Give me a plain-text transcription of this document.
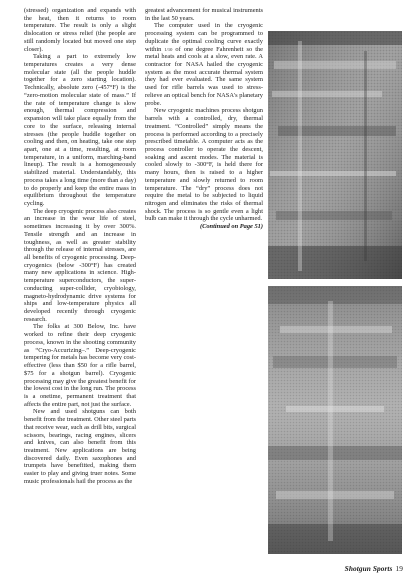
(stressed) organization and expands with the heat, then it returns to room temperature. The result is only a slight dislocation or stress relief (the people are still randomly located but moved one step closer).

Taking a part to extremely low temperatures creates a very dense molecular state (all the people huddle together for a zero starting location). Technically, absolute zero (-457°F) is the “zero-motion molecular state of mass.” If the rate of temperature change is slow enough, thermal compression and expansion will take place equally from the core to the surface, releasing internal stresses (the people huddle together on cooling and then, on heating, take one step apart, one at a time, resulting, at room temperature, in a uniform, marching-band lineup). The result is a homogeneously stabilized material. Understandably, this process takes a long time (more than a day) to do properly and keep the entire mass in equilibrium throughout the temperature cycling.

The deep cryogenic process also creates an increase in the wear life of steel, sometimes increasing it by over 300%. Tensile strength and an increase in toughness, as well as greater stability through the release of internal stresses, are all benefits of cryogenic processing. Deep-cryogenics (below -300°F) has created many new applications in science. High-temperature superconductors, the super-conducting super-collider, cryobiology, magneto-hydrodynamic drive systems for ships and low-temperature physics all developed recently through cryogenic research.

The folks at 300 Below, Inc. have worked to refine their deep cryogenic process, known in the shooting community as “Cryo-Accurizing–.” Deep-cryogenic tempering for metals has become very cost-effective (less than $50 for a rifle barrel, $75 for a shotgun barrel). Cryogenic processing may give the greatest benefit for the lowest cost in the long run. The process is a onetime, permanent treatment that affects the entire part, not just the surface.

New and used shotguns can both benefit from the treatment. Other steel parts that receive wear, such as drill bits, surgical scissors, bearings, racing engines, slicers and knives, can also benefit from this treatment. New applications are being discovered daily. Even saxophones and trumpets have benefitted, making them easier to play and giving truer notes. Some music professionals hail the process as the

greatest advancement for musical instruments in the last 50 years.

The computer used in the cryogenic processing system can be programmed to duplicate the optimal cooling curve exactly within 1/10 of one degree Fahrenheit so the metal heats and cools at a slow, even rate. A contractor for NASA hailed the cryogenic system as the most accurate thermal system they had ever evaluated. The same system used for rifle barrels was used to stress-relieve an optical bench for NASA's planetary probe.

New cryogenic machines process shotgun barrels with a controlled, dry, thermal treatment. “Controlled” simply means the process is performed according to a precisely prescribed timetable. A computer acts as the process controller to operate the descent, soaking and ascent modes. The material is cooled slowly to -300°F, is held there for many hours, then is raised to a higher temperature and slowly returned to room temperature. The “dry” process does not require the metal to be subjected to liquid nitrogen and eliminates the risks of thermal shock. The process is so gentle even a light bulb can make it through the cycle unharmed.

(Continued on Page 51)

Shotgun Sports 19
